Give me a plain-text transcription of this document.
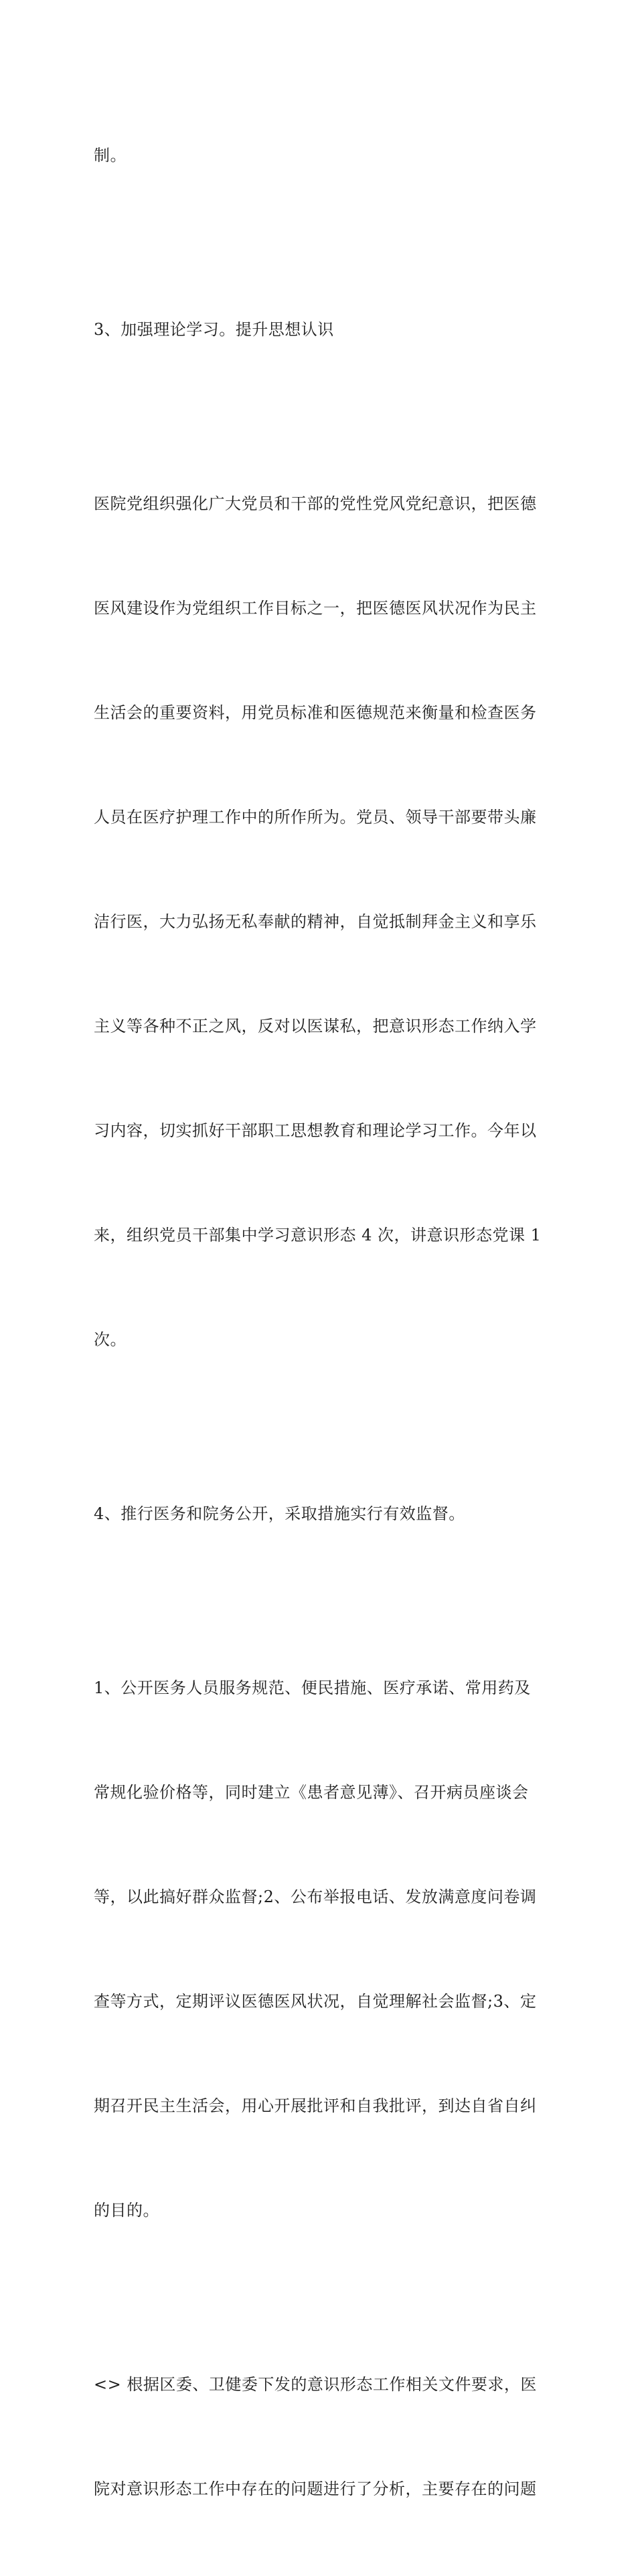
制。

3、加强理论学习。提升思想认识

医院党组织强化广大党员和干部的党性党风党纪意识，把医德

医风建设作为党组织工作目标之一，把医德医风状况作为民主

生活会的重要资料，用党员标准和医德规范来衡量和检查医务

人员在医疗护理工作中的所作所为。党员、领导干部要带头廉

洁行医，大力弘扬无私奉献的精神，自觉抵制拜金主义和享乐

主义等各种不正之风，反对以医谋私，把意识形态工作纳入学

习内容，切实抓好干部职工思想教育和理论学习工作。今年以

来，组织党员干部集中学习意识形态 4 次，讲意识形态党课 1

次。

4、推行医务和院务公开，采取措施实行有效监督。

1、公开医务人员服务规范、便民措施、医疗承诺、常用药及

常规化验价格等，同时建立《患者意见薄》、召开病员座谈会

等，以此搞好群众监督;2、公布举报电话、发放满意度问卷调

查等方式，定期评议医德医风状况，自觉理解社会监督;3、定

期召开民主生活会，用心开展批评和自我批评，到达自省自纠

的目的。

<> 根据区委、卫健委下发的意识形态工作相关文件要求，医

院对意识形态工作中存在的问题进行了分析，主要存在的问题
